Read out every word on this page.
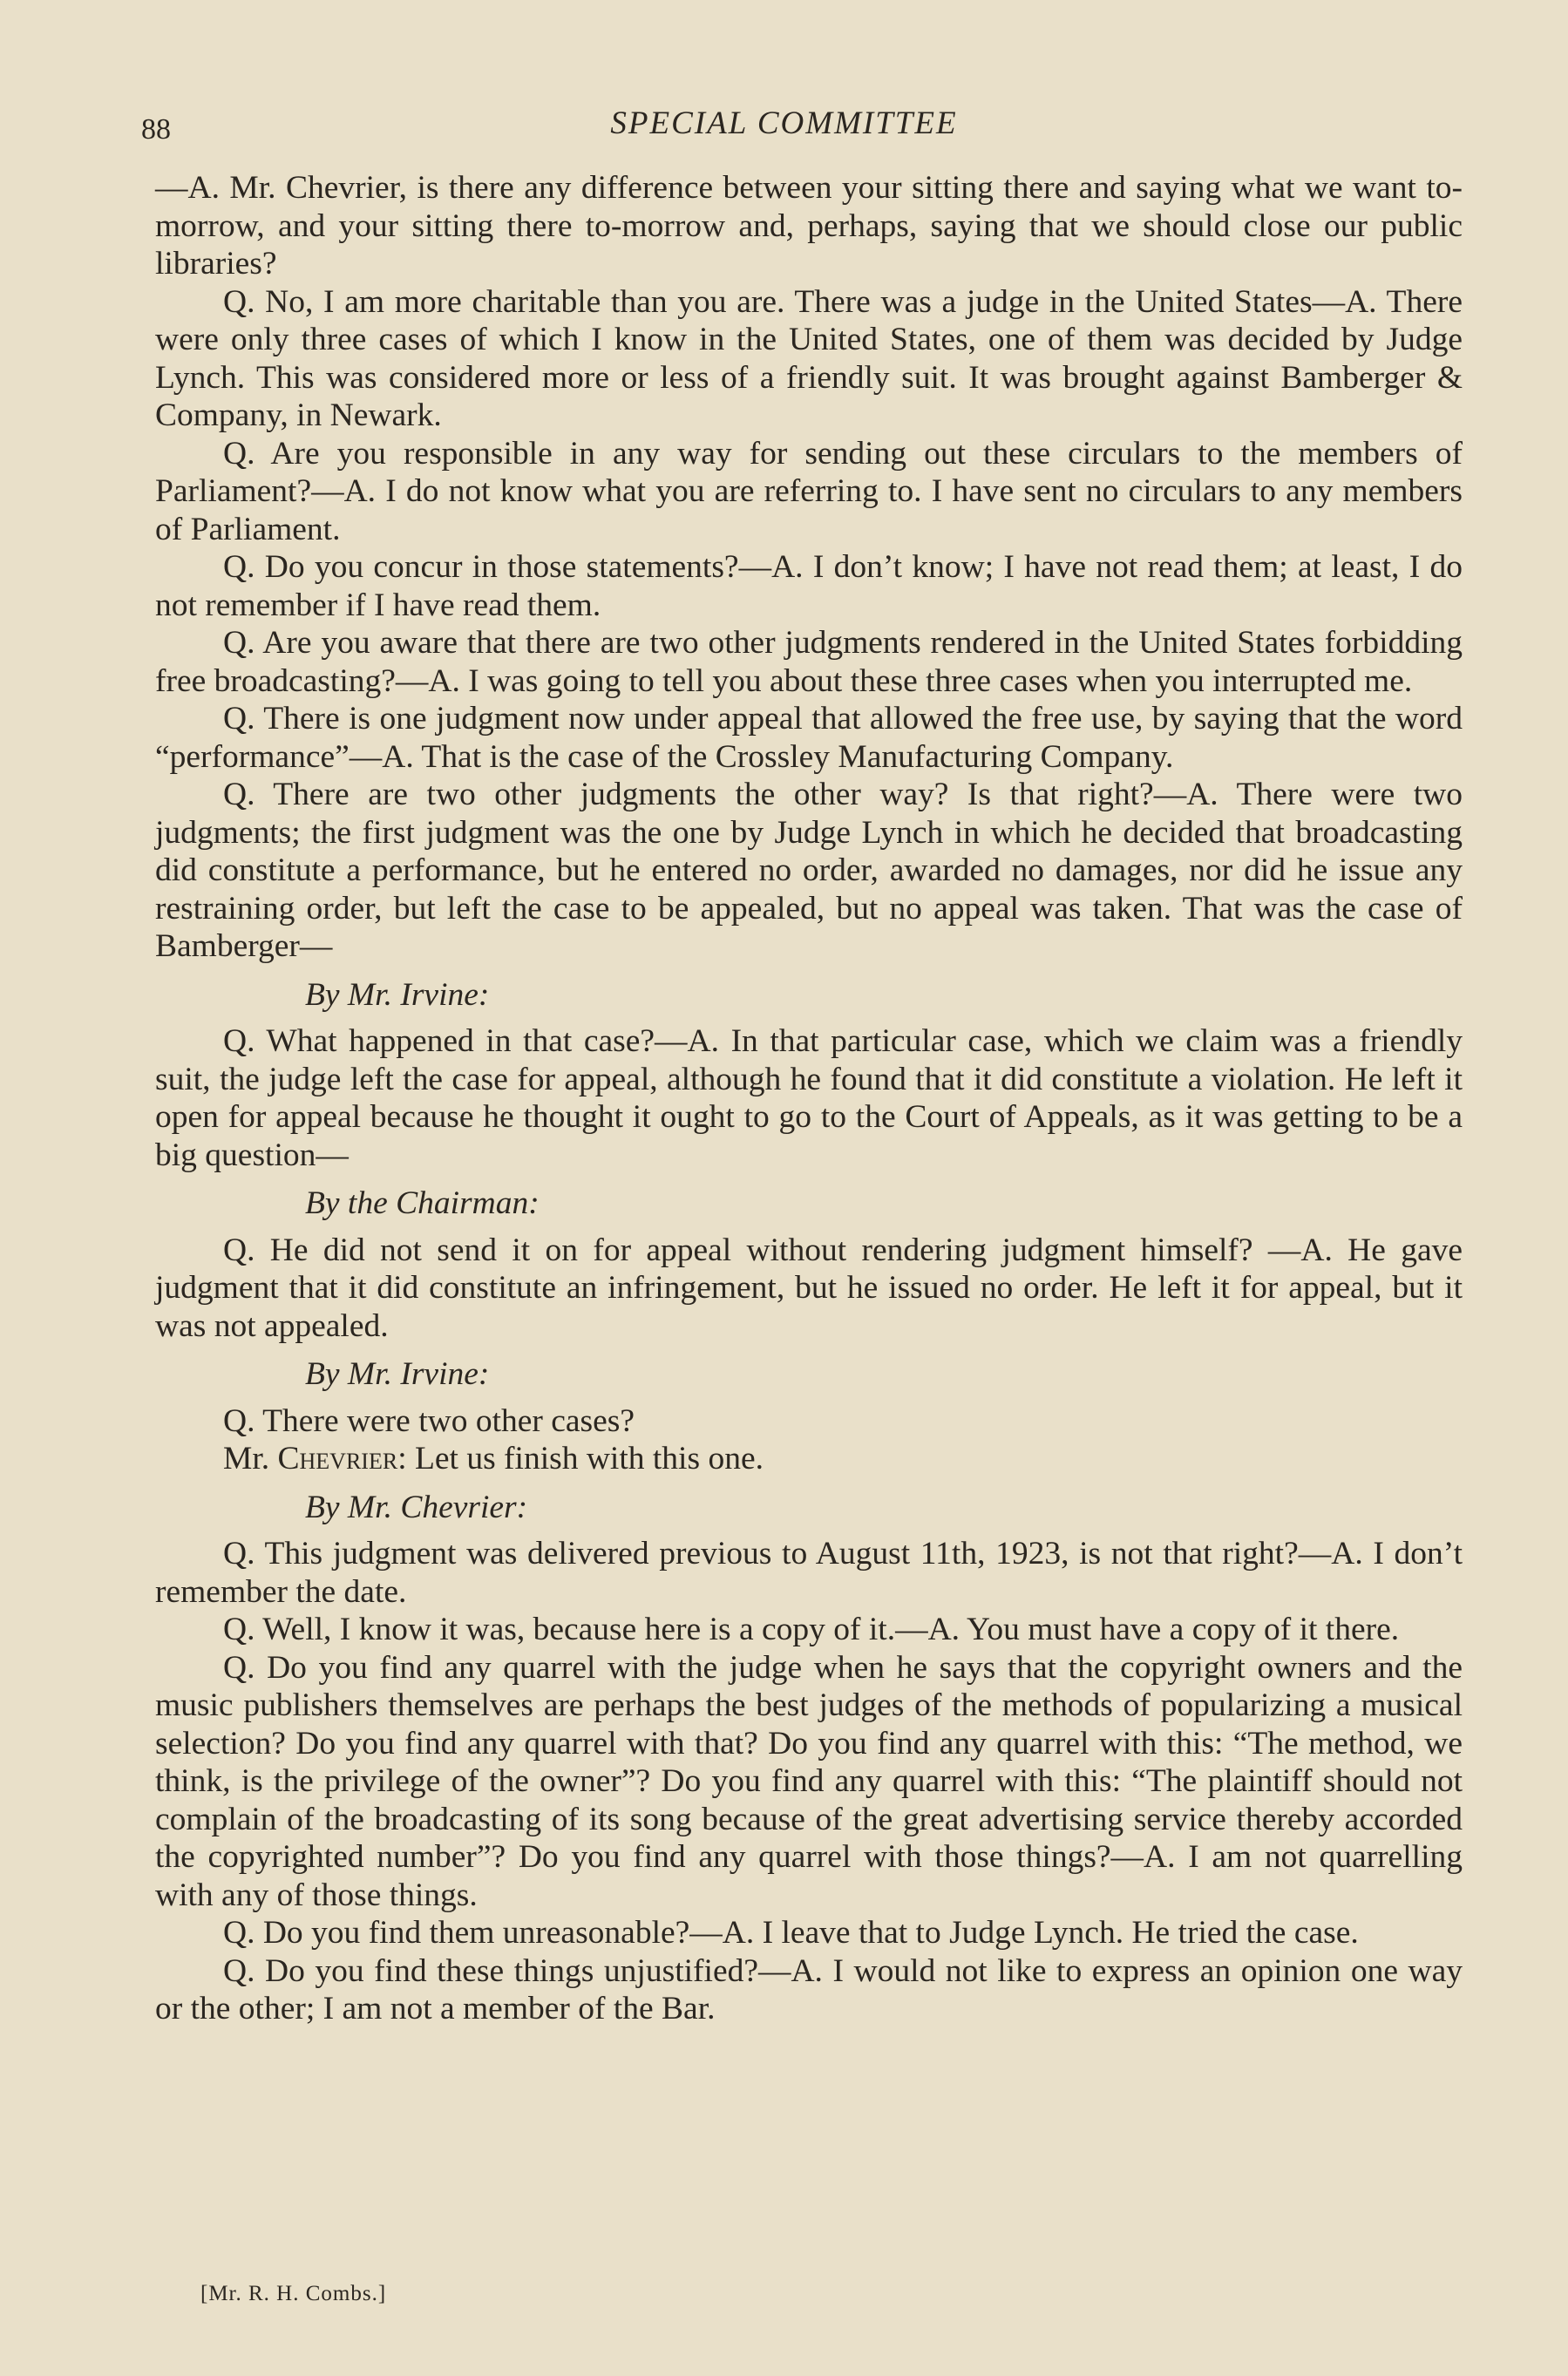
88	SPECIAL COMMITTEE

—A. Mr. Chevrier, is there any difference between your sitting there and saying what we want to-morrow, and your sitting there to-morrow and, perhaps, saying that we should close our public libraries?

Q. No, I am more charitable than you are. There was a judge in the United States—A. There were only three cases of which I know in the United States, one of them was decided by Judge Lynch. This was considered more or less of a friendly suit. It was brought against Bamberger & Company, in Newark.

Q. Are you responsible in any way for sending out these circulars to the members of Parliament?—A. I do not know what you are referring to. I have sent no circulars to any members of Parliament.

Q. Do you concur in those statements?—A. I don’t know; I have not read them; at least, I do not remember if I have read them.

Q. Are you aware that there are two other judgments rendered in the United States forbidding free broadcasting?—A. I was going to tell you about these three cases when you interrupted me.

Q. There is one judgment now under appeal that allowed the free use, by saying that the word “performance”—A. That is the case of the Crossley Manufacturing Company.

Q. There are two other judgments the other way? Is that right?—A. There were two judgments; the first judgment was the one by Judge Lynch in which he decided that broadcasting did constitute a performance, but he entered no order, awarded no damages, nor did he issue any restraining order, but left the case to be appealed, but no appeal was taken. That was the case of Bamberger—

By Mr. Irvine:

Q. What happened in that case?—A. In that particular case, which we claim was a friendly suit, the judge left the case for appeal, although he found that it did constitute a violation. He left it open for appeal because he thought it ought to go to the Court of Appeals, as it was getting to be a big question—

By the Chairman:

Q. He did not send it on for appeal without rendering judgment himself? —A. He gave judgment that it did constitute an infringement, but he issued no order. He left it for appeal, but it was not appealed.

By Mr. Irvine:

Q. There were two other cases?

Mr. Chevrier: Let us finish with this one.

By Mr. Chevrier:

Q. This judgment was delivered previous to August 11th, 1923, is not that right?—A. I don’t remember the date.

Q. Well, I know it was, because here is a copy of it.—A. You must have a copy of it there.

Q. Do you find any quarrel with the judge when he says that the copyright owners and the music publishers themselves are perhaps the best judges of the methods of popularizing a musical selection? Do you find any quarrel with that? Do you find any quarrel with this: “The method, we think, is the privilege of the owner”? Do you find any quarrel with this: “The plaintiff should not complain of the broadcasting of its song because of the great advertising service thereby accorded the copyrighted number”? Do you find any quarrel with those things?—A. I am not quarrelling with any of those things.

Q. Do you find them unreasonable?—A. I leave that to Judge Lynch. He tried the case.

Q. Do you find these things unjustified?—A. I would not like to express an opinion one way or the other; I am not a member of the Bar.

[Mr. R. H. Combs.]
